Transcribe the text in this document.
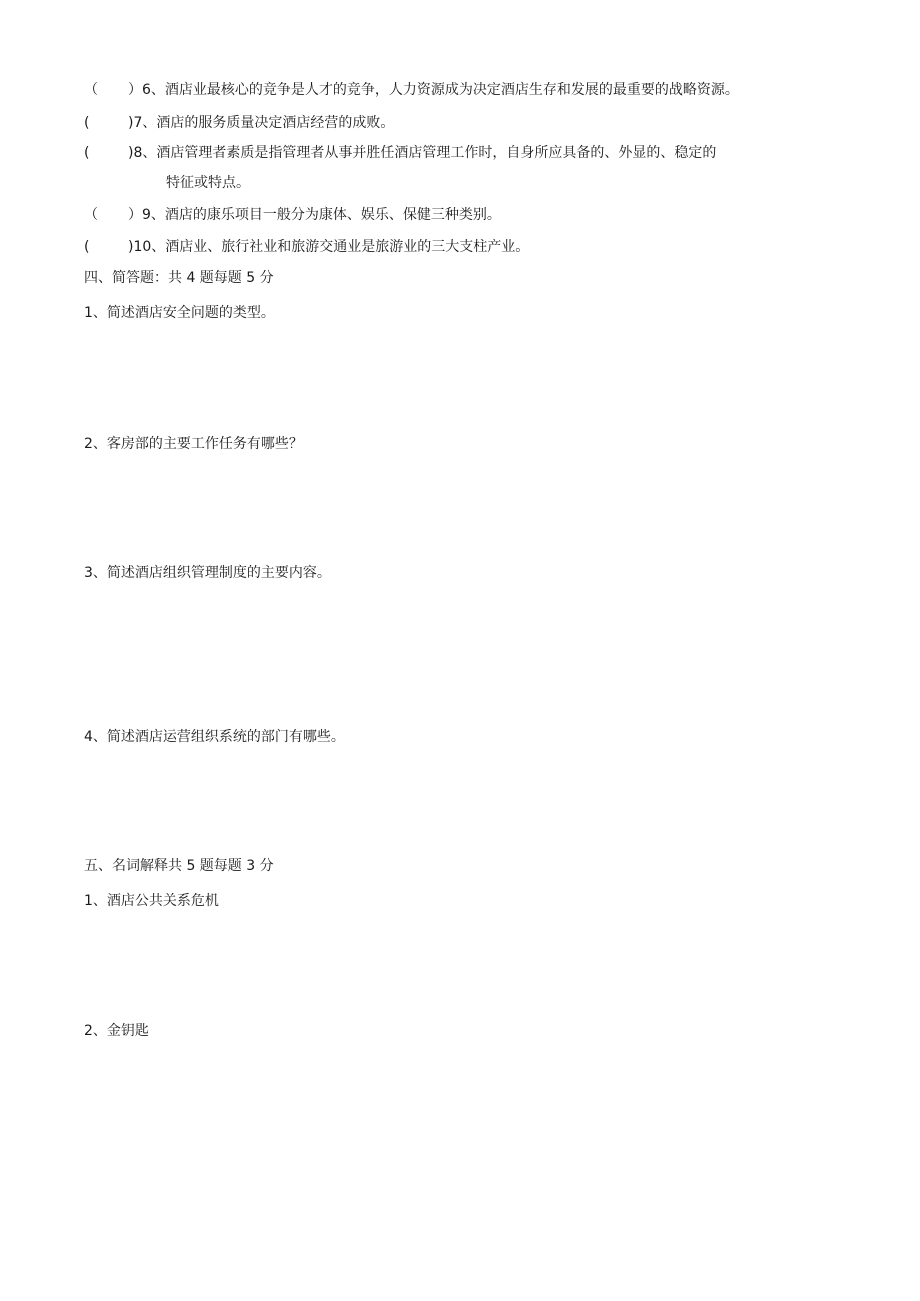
（ ）6、酒店业最核心的竞争是人才的竞争，人力资源成为决定酒店生存和发展的最重要的战略资源。
(	)7、酒店的服务质量决定酒店经营的成败。
(	)8、酒店管理者素质是指管理者从事并胜任酒店管理工作时，自身所应具备的、外显的、稳定的
特征或特点。
（ ）9、酒店的康乐项目一般分为康体、娱乐、保健三种类别。
(	)10、酒店业、旅行社业和旅游交通业是旅游业的三大支柱产业。
四、简答题：共 4 题每题 5 分
1、简述酒店安全问题的类型。
2、客房部的主要工作任务有哪些？
3、简述酒店组织管理制度的主要内容。
4、简述酒店运营组织系统的部门有哪些。
五、名词解释共 5 题每题 3 分
1、酒店公共关系危机
2、金钥匙
